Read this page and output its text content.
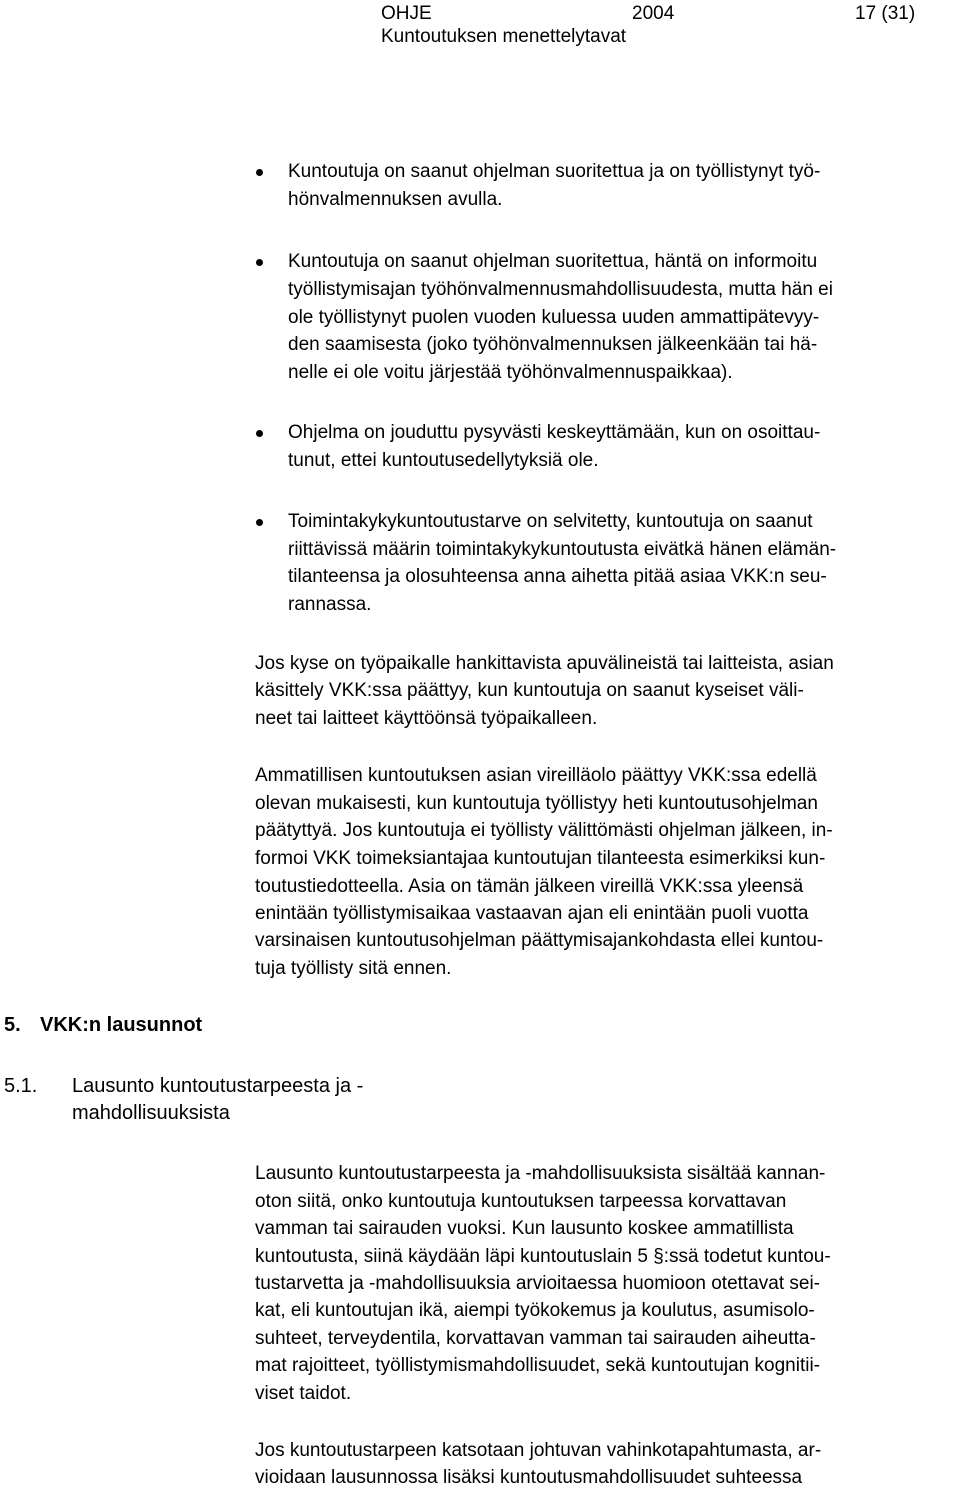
OHJE	2004	17 (31)
Kuntoutuksen menettelytavat
Kuntoutuja on saanut ohjelman suoritettua ja on työllistynyt työ-
hönvalmennuksen avulla.
Kuntoutuja on saanut ohjelman suoritettua, häntä on informoitu
työllistymisajan työhönvalmennusmahdollisuudesta, mutta hän ei
ole työllistynyt puolen vuoden kuluessa uuden ammattipätevyy-
den saamisesta (joko työhönvalmennuksen jälkeenkään tai hä-
nelle ei ole voitu järjestää työhönvalmennuspaikkaa).
Ohjelma on jouduttu pysyvästi keskeyttämään, kun on osoittau-
tunut, ettei kuntoutusedellytyksiä ole.
Toimintakykykuntoutustarve on selvitetty, kuntoutuja on saanut
riittävissä määrin toimintakykykuntoutusta eivätkä hänen elämän-
tilanteensa ja olosuhteensa anna aihetta pitää asiaa VKK:n seu-
rannassa.
Jos kyse on työpaikalle hankittavista apuvälineistä tai laitteista, asian
käsittely VKK:ssa päättyy, kun kuntoutuja on saanut kyseiset väli-
neet tai laitteet käyttöönsä työpaikalleen.
Ammatillisen kuntoutuksen asian vireilläolo päättyy VKK:ssa edellä
olevan mukaisesti, kun kuntoutuja työllistyy heti kuntoutusohjelman
päätyttyä. Jos kuntoutuja ei työllisty välittömästi ohjelman jälkeen, in-
formoi VKK toimeksiantajaa kuntoutujan tilanteesta esimerkiksi kun-
toutustiedotteella. Asia on tämän jälkeen vireillä VKK:ssa yleensä
enintään työllistymisaikaa vastaavan ajan eli enintään puoli vuotta
varsinaisen kuntoutusohjelman päättymisajankohdasta ellei kuntou-
tuja työllisty sitä ennen.
5. VKK:n lausunnot
5.1. Lausunto kuntoutustarpeesta ja -
mahdollisuuksista
Lausunto kuntoutustarpeesta ja -mahdollisuuksista sisältää kannan-
oton siitä, onko kuntoutuja kuntoutuksen tarpeessa korvattavan
vamman tai sairauden vuoksi. Kun lausunto koskee ammatillista
kuntoutusta, siinä käydään läpi kuntoutuslain 5 §:ssä todetut kuntou-
tustarvetta ja -mahdollisuuksia arvioitaessa huomioon otettavat sei-
kat, eli kuntoutujan ikä, aiempi työkokemus ja koulutus, asumisolo-
suhteet, terveydentila, korvattavan vamman tai sairauden aiheutta-
mat rajoitteet, työllistymismahdollisuudet, sekä kuntoutujan kognitii-
viset taidot.
Jos kuntoutustarpeen katsotaan johtuvan vahinkotapahtumasta, ar-
vioidaan lausunnossa lisäksi kuntoutusmahdollisuudet suhteessa
